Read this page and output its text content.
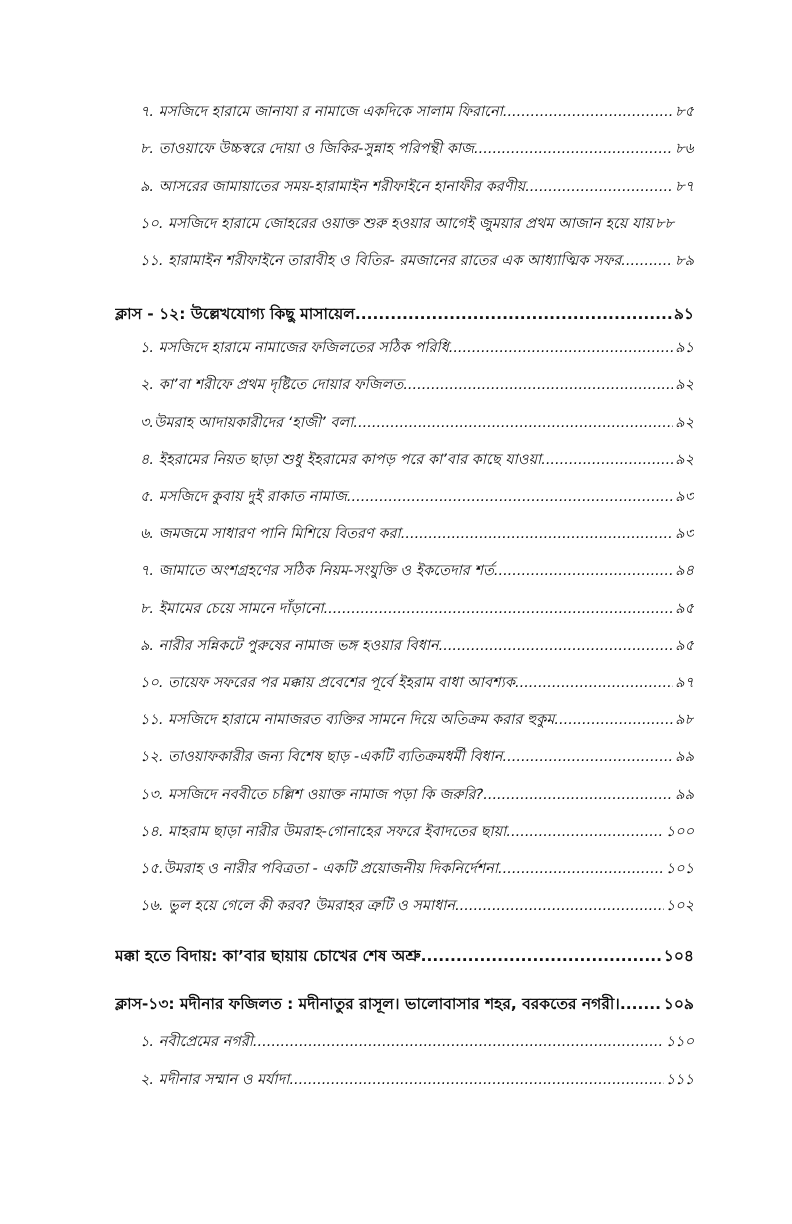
৭. মসজিদে হারামে জানাযা র নামাজে একদিকে সালাম ফিরানো .....	৮৫
৮. তাওয়াফে উচ্চস্বরে দোয়া ও জিকির-সুন্নাহ পরিপন্থী কাজ .....	৮৬
৯. আসরের জামায়াতের সময়-হারামাইন শরীফাইনে হানাফীর করণীয় .....	৮৭
১০. মসজিদে হারামে জোহরের ওয়াক্ত শুরু হওয়ার আগেই জুময়ার প্রথম আজান হয়ে যায় ৮৮
১১. হারামাইন শরীফাইনে তারাবীহ ও বিতির- রমজানের রাতের এক আধ্যাত্মিক সফর .....	৮৯
ক্লাস - ১২: উল্লেখযোগ্য কিছু মাসায়েল .....	৯১
১. মসজিদে হারামে নামাজের ফজিলতের সঠিক পরিধি .....	৯১
২. কা’বা শরীফে প্রথম দৃষ্টিতে দোয়ার ফজিলত .....	৯২
৩.উমরাহ আদায়কারীদের ‘হাজী’ বলা .....	৯২
৪. ইহরামের নিয়ত ছাড়া শুধু ইহরামের কাপড় পরে কা’বার কাছে যাওয়া .....	৯২
৫. মসজিদে কুবায় দুই রাকাত নামাজ .....	৯৩
৬. জমজমে সাধারণ পানি মিশিয়ে বিতরণ করা .....	৯৩
৭. জামাতে অংশগ্রহণের সঠিক নিয়ম-সংযুক্তি ও ইকতেদার শর্ত .....	৯৪
৮. ইমামের চেয়ে সামনে দাঁড়ানো .....	৯৫
৯. নারীর সন্নিকটে পুরুষের নামাজ ভঙ্গ হওয়ার বিধান .....	৯৫
১০. তায়েফ সফরের পর মক্কায় প্রবেশের পূর্বে ইহরাম বাধা আবশ্যক .....	৯৭
১১. মসজিদে হারামে নামাজরত ব্যক্তির সামনে দিয়ে অতিক্রম করার হুকুম .....	৯৮
১২. তাওয়াফকারীর জন্য বিশেষ ছাড় -একটি ব্যতিক্রমধর্মী বিধান .....	৯৯
১৩. মসজিদে নববীতে চল্লিশ ওয়াক্ত নামাজ পড়া কি জরুরি? .....	৯৯
১৪. মাহরাম ছাড়া নারীর উমরাহ-গোনাহের সফরে ইবাদতের ছায়া .....	১০০
১৫.উমরাহ ও নারীর পবিত্রতা - একটি প্রয়োজনীয় দিকনির্দেশনা .....	১০১
১৬. ভুল হয়ে গেলে কী করব? উমরাহর ত্রুটি ও সমাধান .....	১০২
মক্কা হতে বিদায়: কা’বার ছায়ায় চোখের শেষ অশ্রু .....	১০৪
ক্লাস-১৩: মদীনার ফজিলত : মদীনাতুর রাসূল। ভালোবাসার শহর, বরকতের নগরী। .....	১০৯
১. নবীপ্রেমের নগরী .....	১১০
২. মদীনার সম্মান ও মর্যাদা .....	১১১
